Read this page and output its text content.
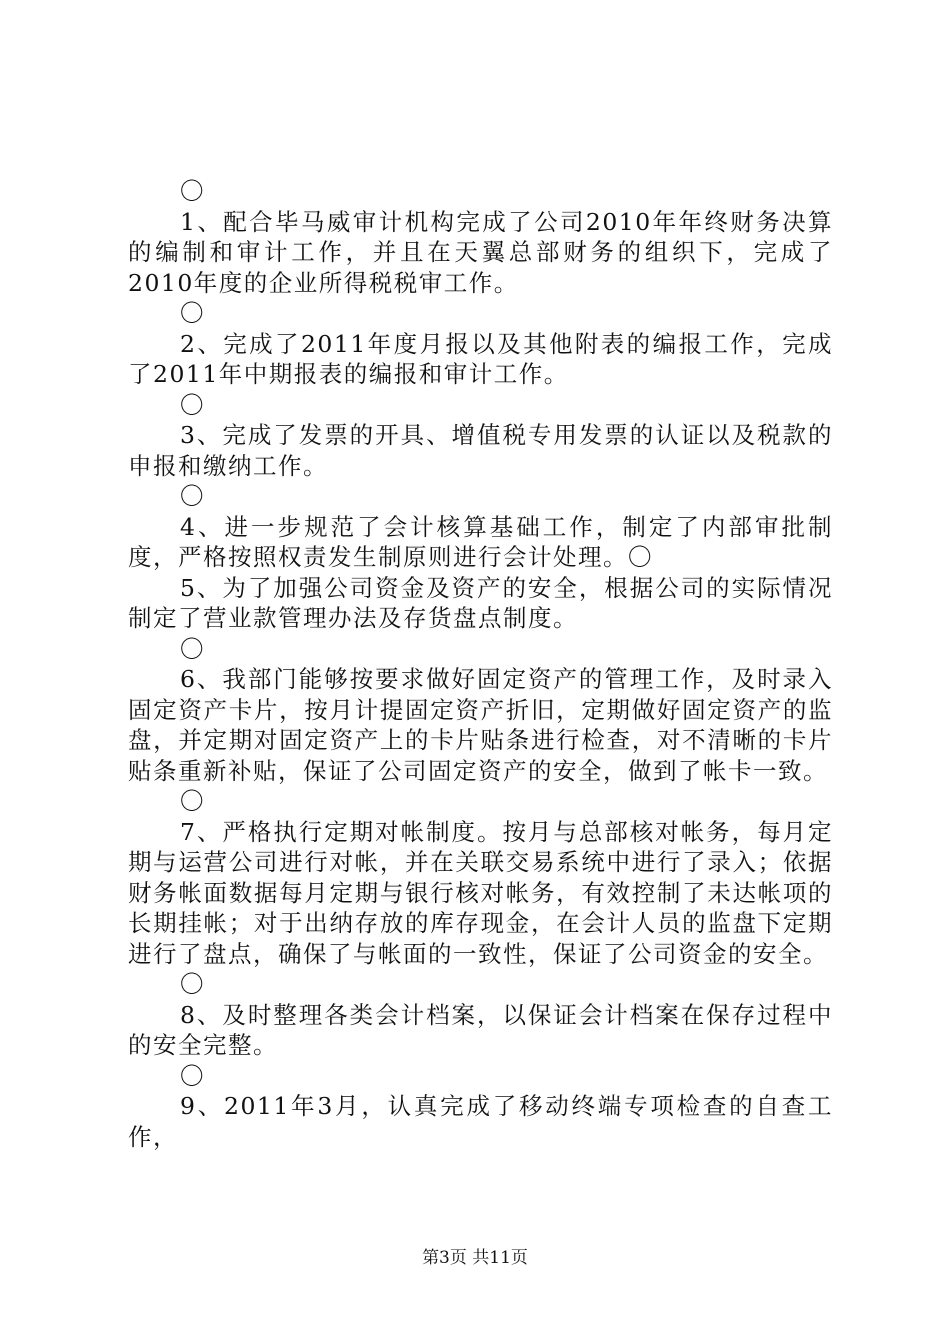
〇

1、配合毕马威审计机构完成了公司2010年年终财务决算的编制和审计工作，并且在天翼总部财务的组织下，完成了2010年度的企业所得税税审工作。

〇

2、完成了2011年度月报以及其他附表的编报工作，完成了2011年中期报表的编报和审计工作。

〇

3、完成了发票的开具、增值税专用发票的认证以及税款的申报和缴纳工作。

〇

4、进一步规范了会计核算基础工作，制定了内部审批制度，严格按照权责发生制原则进行会计处理。〇

5、为了加强公司资金及资产的安全，根据公司的实际情况制定了营业款管理办法及存货盘点制度。

〇

6、我部门能够按要求做好固定资产的管理工作，及时录入固定资产卡片，按月计提固定资产折旧，定期做好固定资产的监盘，并定期对固定资产上的卡片贴条进行检查，对不清晰的卡片贴条重新补贴，保证了公司固定资产的安全，做到了帐卡一致。

〇

7、严格执行定期对帐制度。按月与总部核对帐务，每月定期与运营公司进行对帐，并在关联交易系统中进行了录入；依据财务帐面数据每月定期与银行核对帐务，有效控制了未达帐项的长期挂帐；对于出纳存放的库存现金，在会计人员的监盘下定期进行了盘点，确保了与帐面的一致性，保证了公司资金的安全。

〇

8、及时整理各类会计档案，以保证会计档案在保存过程中的安全完整。

〇

9、2011年3月，认真完成了移动终端专项检查的自查工作，

第3页 共11页
